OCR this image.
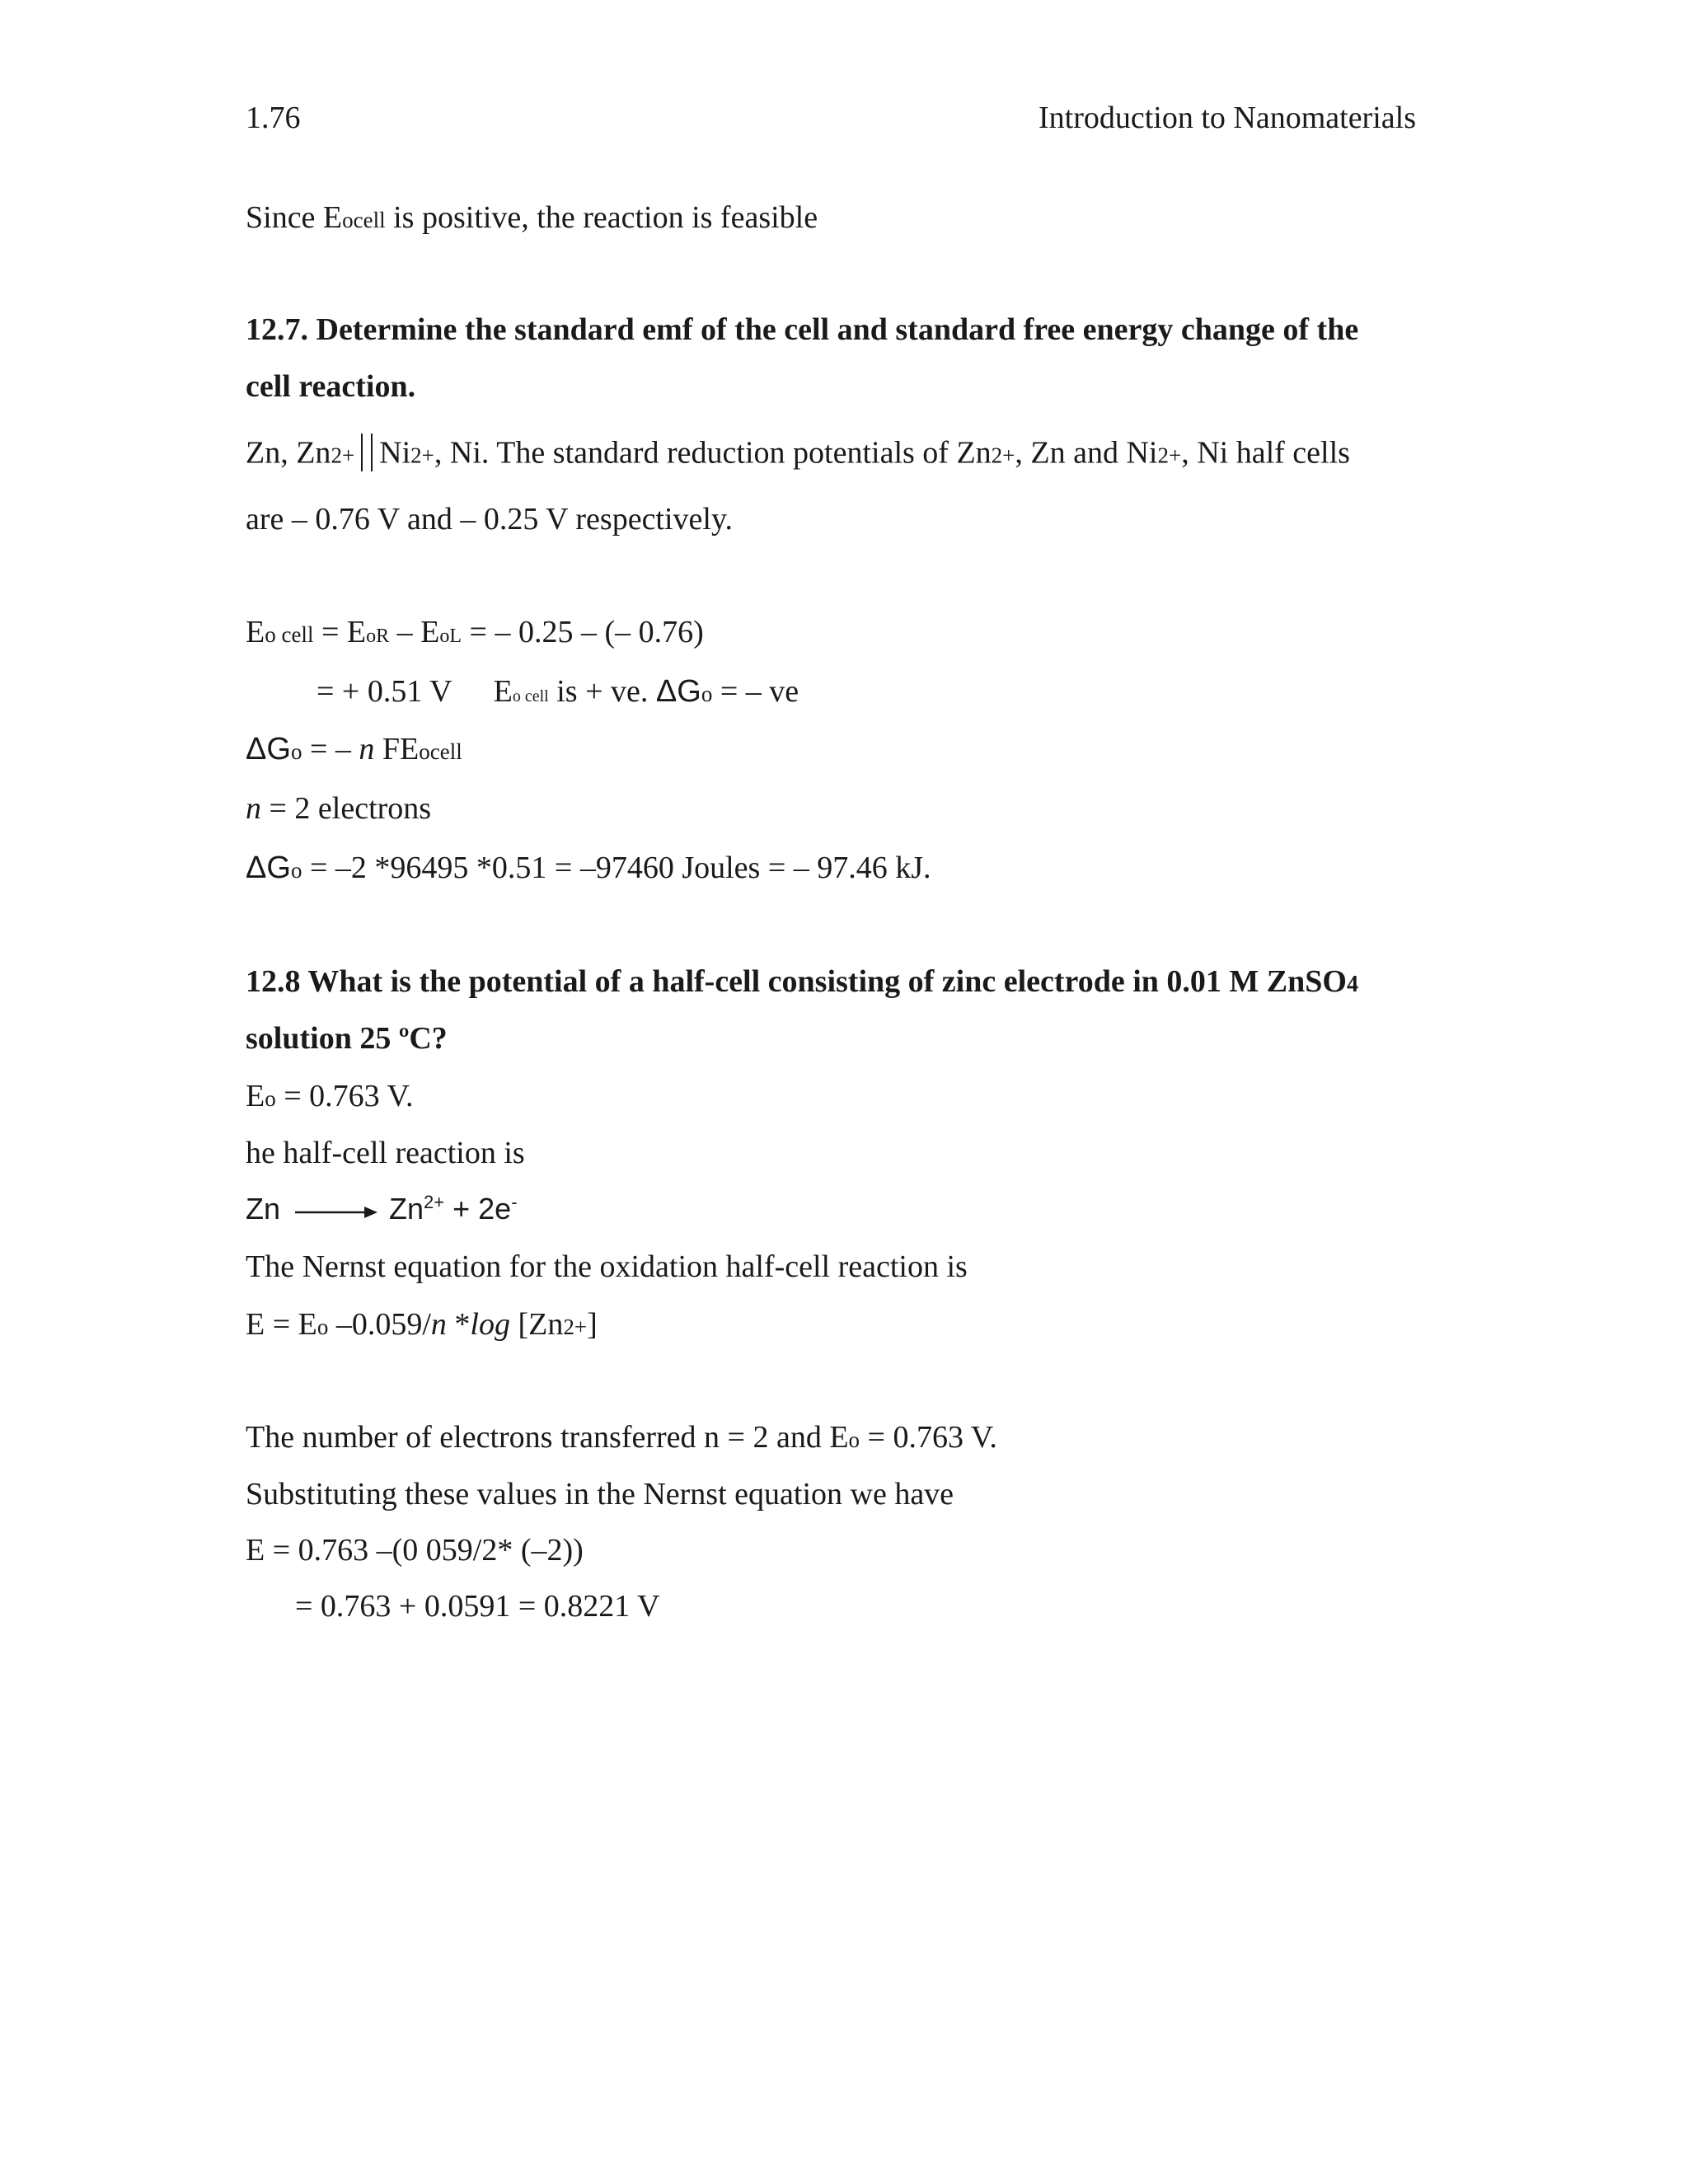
1.76	Introduction to Nanomaterials
Since Eocell is positive, the reaction is feasible
12.7. Determine the standard emf of the cell and standard free energy change of the
cell reaction.
Zn, Zn2+ Ni2+, Ni. The standard reduction potentials of Zn2+, Zn and Ni2+, Ni half cells
are – 0.76 V and – 0.25 V respectively.
Eo cell = EoR – EoL = – 0.25 – (– 0.76)
= + 0.51 V Eo cell is + ve. ΔGo = – ve
ΔGo = – n FEocell
n = 2 electrons
ΔGo = –2 *96495 *0.51 = –97460 Joules = – 97.46 kJ.
12.8 What is the potential of a half-cell consisting of zinc electrode in 0.01 M ZnSO4
solution 25 ºC?
Eo = 0.763 V.
he half-cell reaction is
Zn	$Zn^{2+} + 2e^-$
The Nernst equation for the oxidation half-cell reaction is
E = Eo –0.059/n *log [Zn2+]
The number of electrons transferred n = 2 and Eo = 0.763 V.
Substituting these values in the Nernst equation we have
E = 0.763 –(0 059/2* (–2))
= 0.763 + 0.0591 = 0.8221 V
